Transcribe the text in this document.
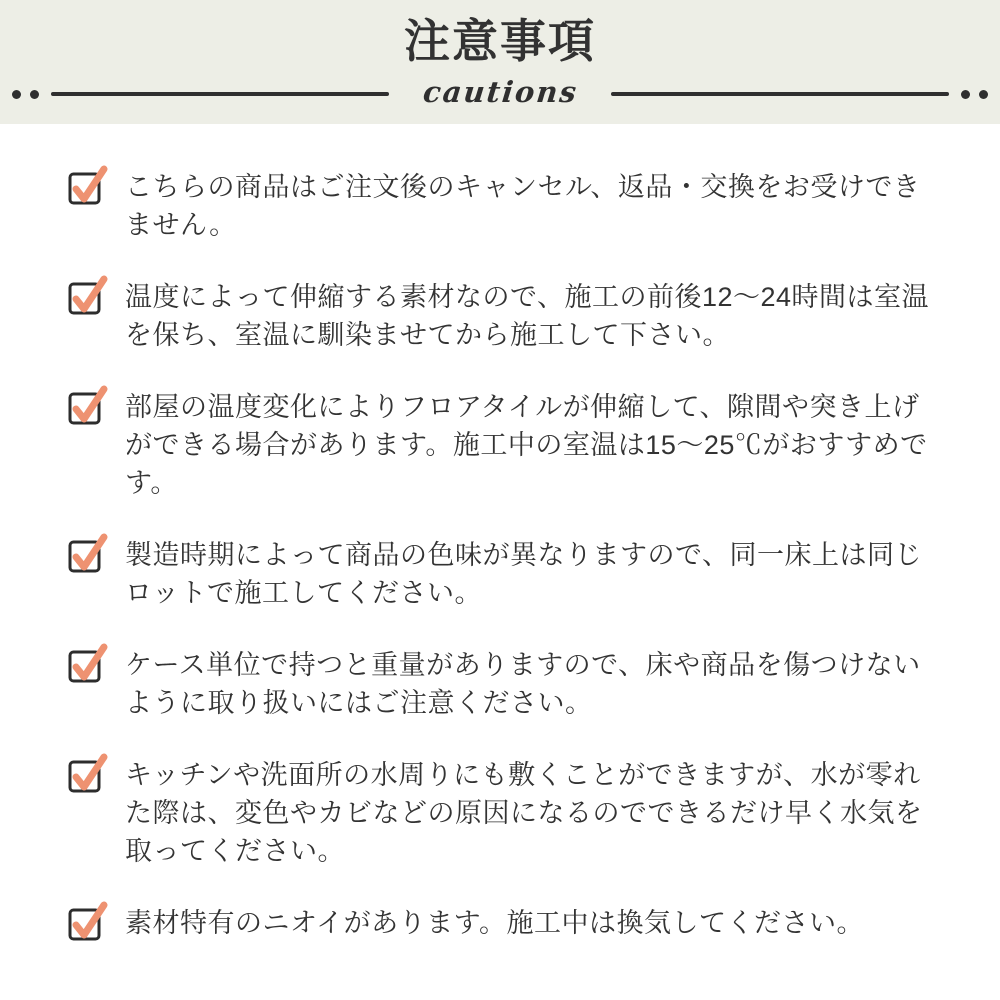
注意事項
cautions
こちらの商品はご注文後のキャンセル、返品・交換をお受けできません。
温度によって伸縮する素材なので、施工の前後12～24時間は室温を保ち、室温に馴染ませてから施工して下さい。
部屋の温度変化によりフロアタイルが伸縮して、隙間や突き上げができる場合があります。施工中の室温は15～25℃がおすすめです。
製造時期によって商品の色味が異なりますので、同一床上は同じロットで施工してください。
ケース単位で持つと重量がありますので、床や商品を傷つけないように取り扱いにはご注意ください。
キッチンや洗面所の水周りにも敷くことができますが、水が零れた際は、変色やカビなどの原因になるのでできるだけ早く水気を取ってください。
素材特有のニオイがあります。施工中は換気してください。
